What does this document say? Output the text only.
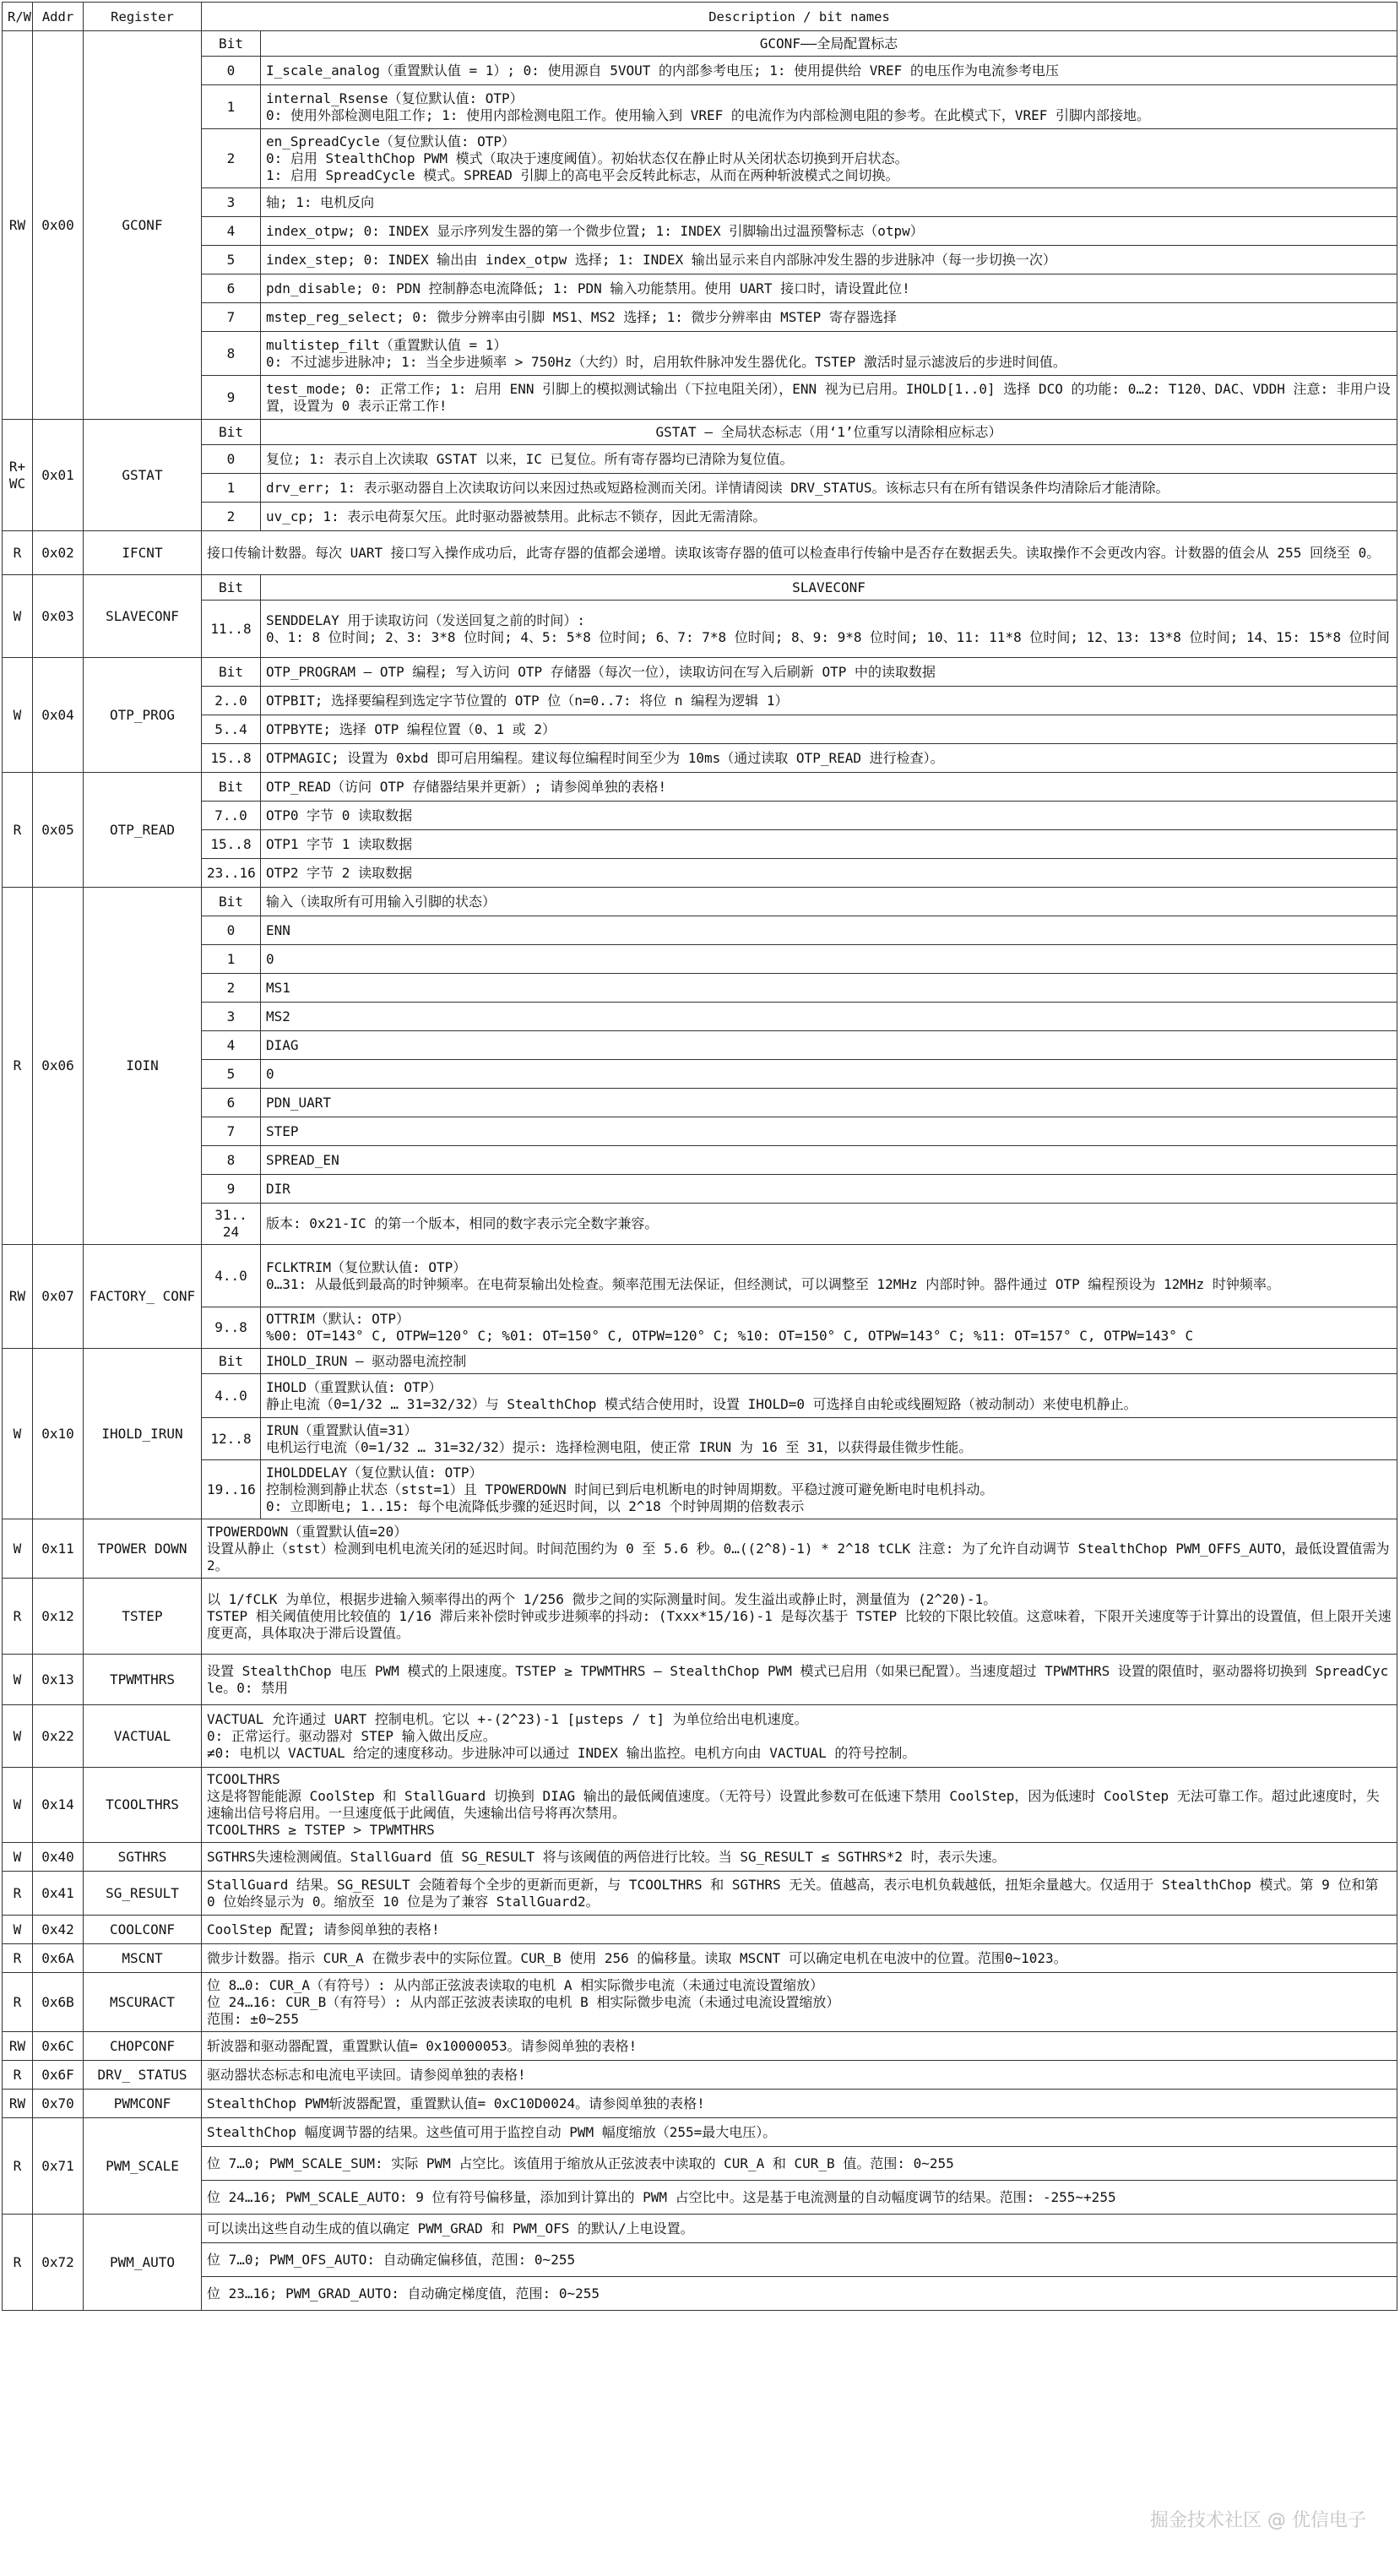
R/W	Addr	Register	Description / bit names	
RW	0x00	GCONF	Bit	GCONF——全局配置标志
			0	I_scale_analog（重置默认值 = 1）; 0: 使用源自 5VOUT 的内部参考电压; 1: 使用提供给 VREF 的电压作为电流参考电压

			1	internal_Rsense（复位默认值: OTP）
0: 使用外部检测电阻工作; 1: 使用内部检测电阻工作。使用输入到 VREF 的电流作为内部检测电阻的参考。在此模式下，VREF 引脚内部接地。

			2	en_SpreadCycle（复位默认值: OTP）
0: 启用 StealthChop PWM 模式（取决于速度阈值）。初始状态仅在静止时从关闭状态切换到开启状态。
1: 启用 SpreadCycle 模式。SPREAD 引脚上的高电平会反转此标志，从而在两种斩波模式之间切换。

			3	轴; 1: 电机反向

			4	index_otpw; 0: INDEX 显示序列发生器的第一个微步位置; 1: INDEX 引脚输出过温预警标志（otpw）

			5	index_step; 0: INDEX 输出由 index_otpw 选择; 1: INDEX 输出显示来自内部脉冲发生器的步进脉冲（每一步切换一次）

			6	pdn_disable; 0: PDN 控制静态电流降低; 1: PDN 输入功能禁用。使用 UART 接口时，请设置此位!

			7	mstep_reg_select; 0: 微步分辨率由引脚 MS1、MS2 选择; 1: 微步分辨率由 MSTEP 寄存器选择

			8	multistep_filt（重置默认值 = 1）
0: 不过滤步进脉冲; 1: 当全步进频率 > 750Hz（大约）时，启用软件脉冲发生器优化。TSTEP 激活时显示滤波后的步进时间值。

			9	test_mode; 0: 正常工作; 1: 启用 ENN 引脚上的模拟测试输出（下拉电阻关闭），ENN 视为已启用。IHOLD[1..0] 选择 DCO 的功能: 0…2: T120、DAC、VDDH 注意: 非用户设置，设置为 0 表示正常工作!

R+ WC	0x01	GSTAT	Bit	GSTAT – 全局状态标志（用‘1’位重写以清除相应标志）
			0	复位; 1: 表示自上次读取 GSTAT 以来，IC 已复位。所有寄存器均已清除为复位值。

			1	drv_err; 1: 表示驱动器自上次读取访问以来因过热或短路检测而关闭。详情请阅读 DRV_STATUS。该标志只有在所有错误条件均清除后才能清除。

			2	uv_cp; 1: 表示电荷泵欠压。此时驱动器被禁用。此标志不锁存，因此无需清除。

R	0x02	IFCNT	接口传输计数器。每次 UART 接口写入操作成功后，此寄存器的值都会递增。读取该寄存器的值可以检查串行传输中是否存在数据丢失。读取操作不会更改内容。计数器的值会从 255 回绕至 0。	

W	0x03	SLAVECONF	Bit	SLAVECONF
			11..8	SENDDELAY 用于读取访问（发送回复之前的时间）:
0、1: 8 位时间; 2、3: 3*8 位时间; 4、5: 5*8 位时间; 6、7: 7*8 位时间; 8、9: 9*8 位时间; 10、11: 11*8 位时间; 12、13: 13*8 位时间; 14、15: 15*8 位时间

W	0x04	OTP_PROG	Bit	OTP_PROGRAM – OTP 编程; 写入访问 OTP 存储器（每次一位），读取访问在写入后刷新 OTP 中的读取数据

			2..0	OTPBIT; 选择要编程到选定字节位置的 OTP 位（n=0..7: 将位 n 编程为逻辑 1）

			5..4	OTPBYTE; 选择 OTP 编程位置（0、1 或 2）

			15..8	OTPMAGIC; 设置为 0xbd 即可启用编程。建议每位编程时间至少为 10ms（通过读取 OTP_READ 进行检查）。

R	0x05	OTP_READ	Bit	OTP_READ（访问 OTP 存储器结果并更新）; 请参阅单独的表格!

			7..0	OTP0 字节 0 读取数据

			15..8	OTP1 字节 1 读取数据

			23..16	OTP2 字节 2 读取数据

R	0x06	IOIN	Bit	输入（读取所有可用输入引脚的状态）

			0	ENN

			1	0

			2	MS1

			3	MS2

			4	DIAG

			5	0

			6	PDN_UART

			7	STEP

			8	SPREAD_EN

			9	DIR

			31.. 24	版本: 0x21-IC 的第一个版本，相同的数字表示完全数字兼容。

RW	0x07	FACTORY_ CONF	4..0	FCLKTRIM（复位默认值: OTP）
0…31: 从最低到最高的时钟频率。在电荷泵输出处检查。频率范围无法保证，但经测试，可以调整至 12MHz 内部时钟。器件通过 OTP 编程预设为 12MHz 时钟频率。

			9..8	OTTRIM（默认: OTP）
%00: OT=143° C, OTPW=120° C; %01: OT=150° C, OTPW=120° C; %10: OT=150° C, OTPW=143° C; %11: OT=157° C, OTPW=143° C

W	0x10	IHOLD_IRUN	Bit	IHOLD_IRUN – 驱动器电流控制

			4..0	IHOLD（重置默认值: OTP）
静止电流（0=1/32 … 31=32/32）与 StealthChop 模式结合使用时，设置 IHOLD=0 可选择自由轮或线圈短路（被动制动）来使电机静止。

			12..8	IRUN（重置默认值=31）
电机运行电流（0=1/32 … 31=32/32）提示: 选择检测电阻，使正常 IRUN 为 16 至 31，以获得最佳微步性能。

			19..16	IHOLDDELAY（复位默认值: OTP）
控制检测到静止状态（stst=1）且 TPOWERDOWN 时间已到后电机断电的时钟周期数。平稳过渡可避免断电时电机抖动。
0: 立即断电; 1..15: 每个电流降低步骤的延迟时间，以 2^18 个时钟周期的倍数表示

W	0x11	TPOWER DOWN	TPOWERDOWN（重置默认值=20）
设置从静止（stst）检测到电机电流关闭的延迟时间。时间范围约为 0 至 5.6 秒。0…((2^8)-1) * 2^18 tCLK 注意: 为了允许自动调节 StealthChop PWM_OFFS_AUTO，最低设置值需为 2。	

R	0x12	TSTEP	以 1/fCLK 为单位，根据步进输入频率得出的两个 1/256 微步之间的实际测量时间。发生溢出或静止时，测量值为 (2^20)-1。
TSTEP 相关阈值使用比较值的 1/16 滞后来补偿时钟或步进频率的抖动: (Txxx*15/16)-1 是每次基于 TSTEP 比较的下限比较值。这意味着，下限开关速度等于计算出的设置值，但上限开关速度更高，具体取决于滞后设置值。	

W	0x13	TPWMTHRS	设置 StealthChop 电压 PWM 模式的上限速度。TSTEP ≥ TPWMTHRS – StealthChop PWM 模式已启用（如果已配置）。当速度超过 TPWMTHRS 设置的限值时，驱动器将切换到 SpreadCycle。0: 禁用	

W	0x22	VACTUAL	VACTUAL 允许通过 UART 控制电机。它以 +-(2^23)-1 [μsteps / t] 为单位给出电机速度。
0: 正常运行。驱动器对 STEP 输入做出反应。
≠0: 电机以 VACTUAL 给定的速度移动。步进脉冲可以通过 INDEX 输出监控。电机方向由 VACTUAL 的符号控制。	

W	0x14	TCOOLTHRS	TCOOLTHRS
这是将智能能源 CoolStep 和 StallGuard 切换到 DIAG 输出的最低阈值速度。（无符号）设置此参数可在低速下禁用 CoolStep，因为低速时 CoolStep 无法可靠工作。超过此速度时，失速输出信号将启用。一旦速度低于此阈值，失速输出信号将再次禁用。
TCOOLTHRS ≥ TSTEP > TPWMTHRS	

W	0x40	SGTHRS	SGTHRS失速检测阈值。StallGuard 值 SG_RESULT 将与该阈值的两倍进行比较。当 SG_RESULT ≤ SGTHRS*2 时，表示失速。	

R	0x41	SG_RESULT	StallGuard 结果。SG_RESULT 会随着每个全步的更新而更新，与 TCOOLTHRS 和 SGTHRS 无关。值越高，表示电机负载越低，扭矩余量越大。仅适用于 StealthChop 模式。第 9 位和第 0 位始终显示为 0。缩放至 10 位是为了兼容 StallGuard2。	

W	0x42	COOLCONF	CoolStep 配置; 请参阅单独的表格!	

R	0x6A	MSCNT	微步计数器。指示 CUR_A 在微步表中的实际位置。CUR_B 使用 256 的偏移量。读取 MSCNT 可以确定电机在电波中的位置。范围0~1023。	

R	0x6B	MSCURACT	位 8…0: CUR_A（有符号）: 从内部正弦波表读取的电机 A 相实际微步电流（未通过电流设置缩放）
位 24…16: CUR_B（有符号）: 从内部正弦波表读取的电机 B 相实际微步电流（未通过电流设置缩放）
范围: ±0~255	

RW	0x6C	CHOPCONF	斩波器和驱动器配置，重置默认值= 0x10000053。请参阅单独的表格!	

R	0x6F	DRV_ STATUS	驱动器状态标志和电流电平读回。请参阅单独的表格!	

RW	0x70	PWMCONF	StealthChop PWM斩波器配置，重置默认值= 0xC10D0024。请参阅单独的表格!	

R	0x71	PWM_SCALE	StealthChop 幅度调节器的结果。这些值可用于监控自动 PWM 幅度缩放（255=最大电压）。	

			位 7…0; PWM_SCALE_SUM: 实际 PWM 占空比。该值用于缩放从正弦波表中读取的 CUR_A 和 CUR_B 值。范围: 0~255	

			位 24…16; PWM_SCALE_AUTO: 9 位有符号偏移量，添加到计算出的 PWM 占空比中。这是基于电流测量的自动幅度调节的结果。范围: -255~+255	

R	0x72	PWM_AUTO	可以读出这些自动生成的值以确定 PWM_GRAD 和 PWM_OFS 的默认/上电设置。	

			位 7…0; PWM_OFS_AUTO: 自动确定偏移值，范围: 0~255	

			位 23…16; PWM_GRAD_AUTO: 自动确定梯度值，范围: 0~255	
掘金技术社区 @ 优信电子
